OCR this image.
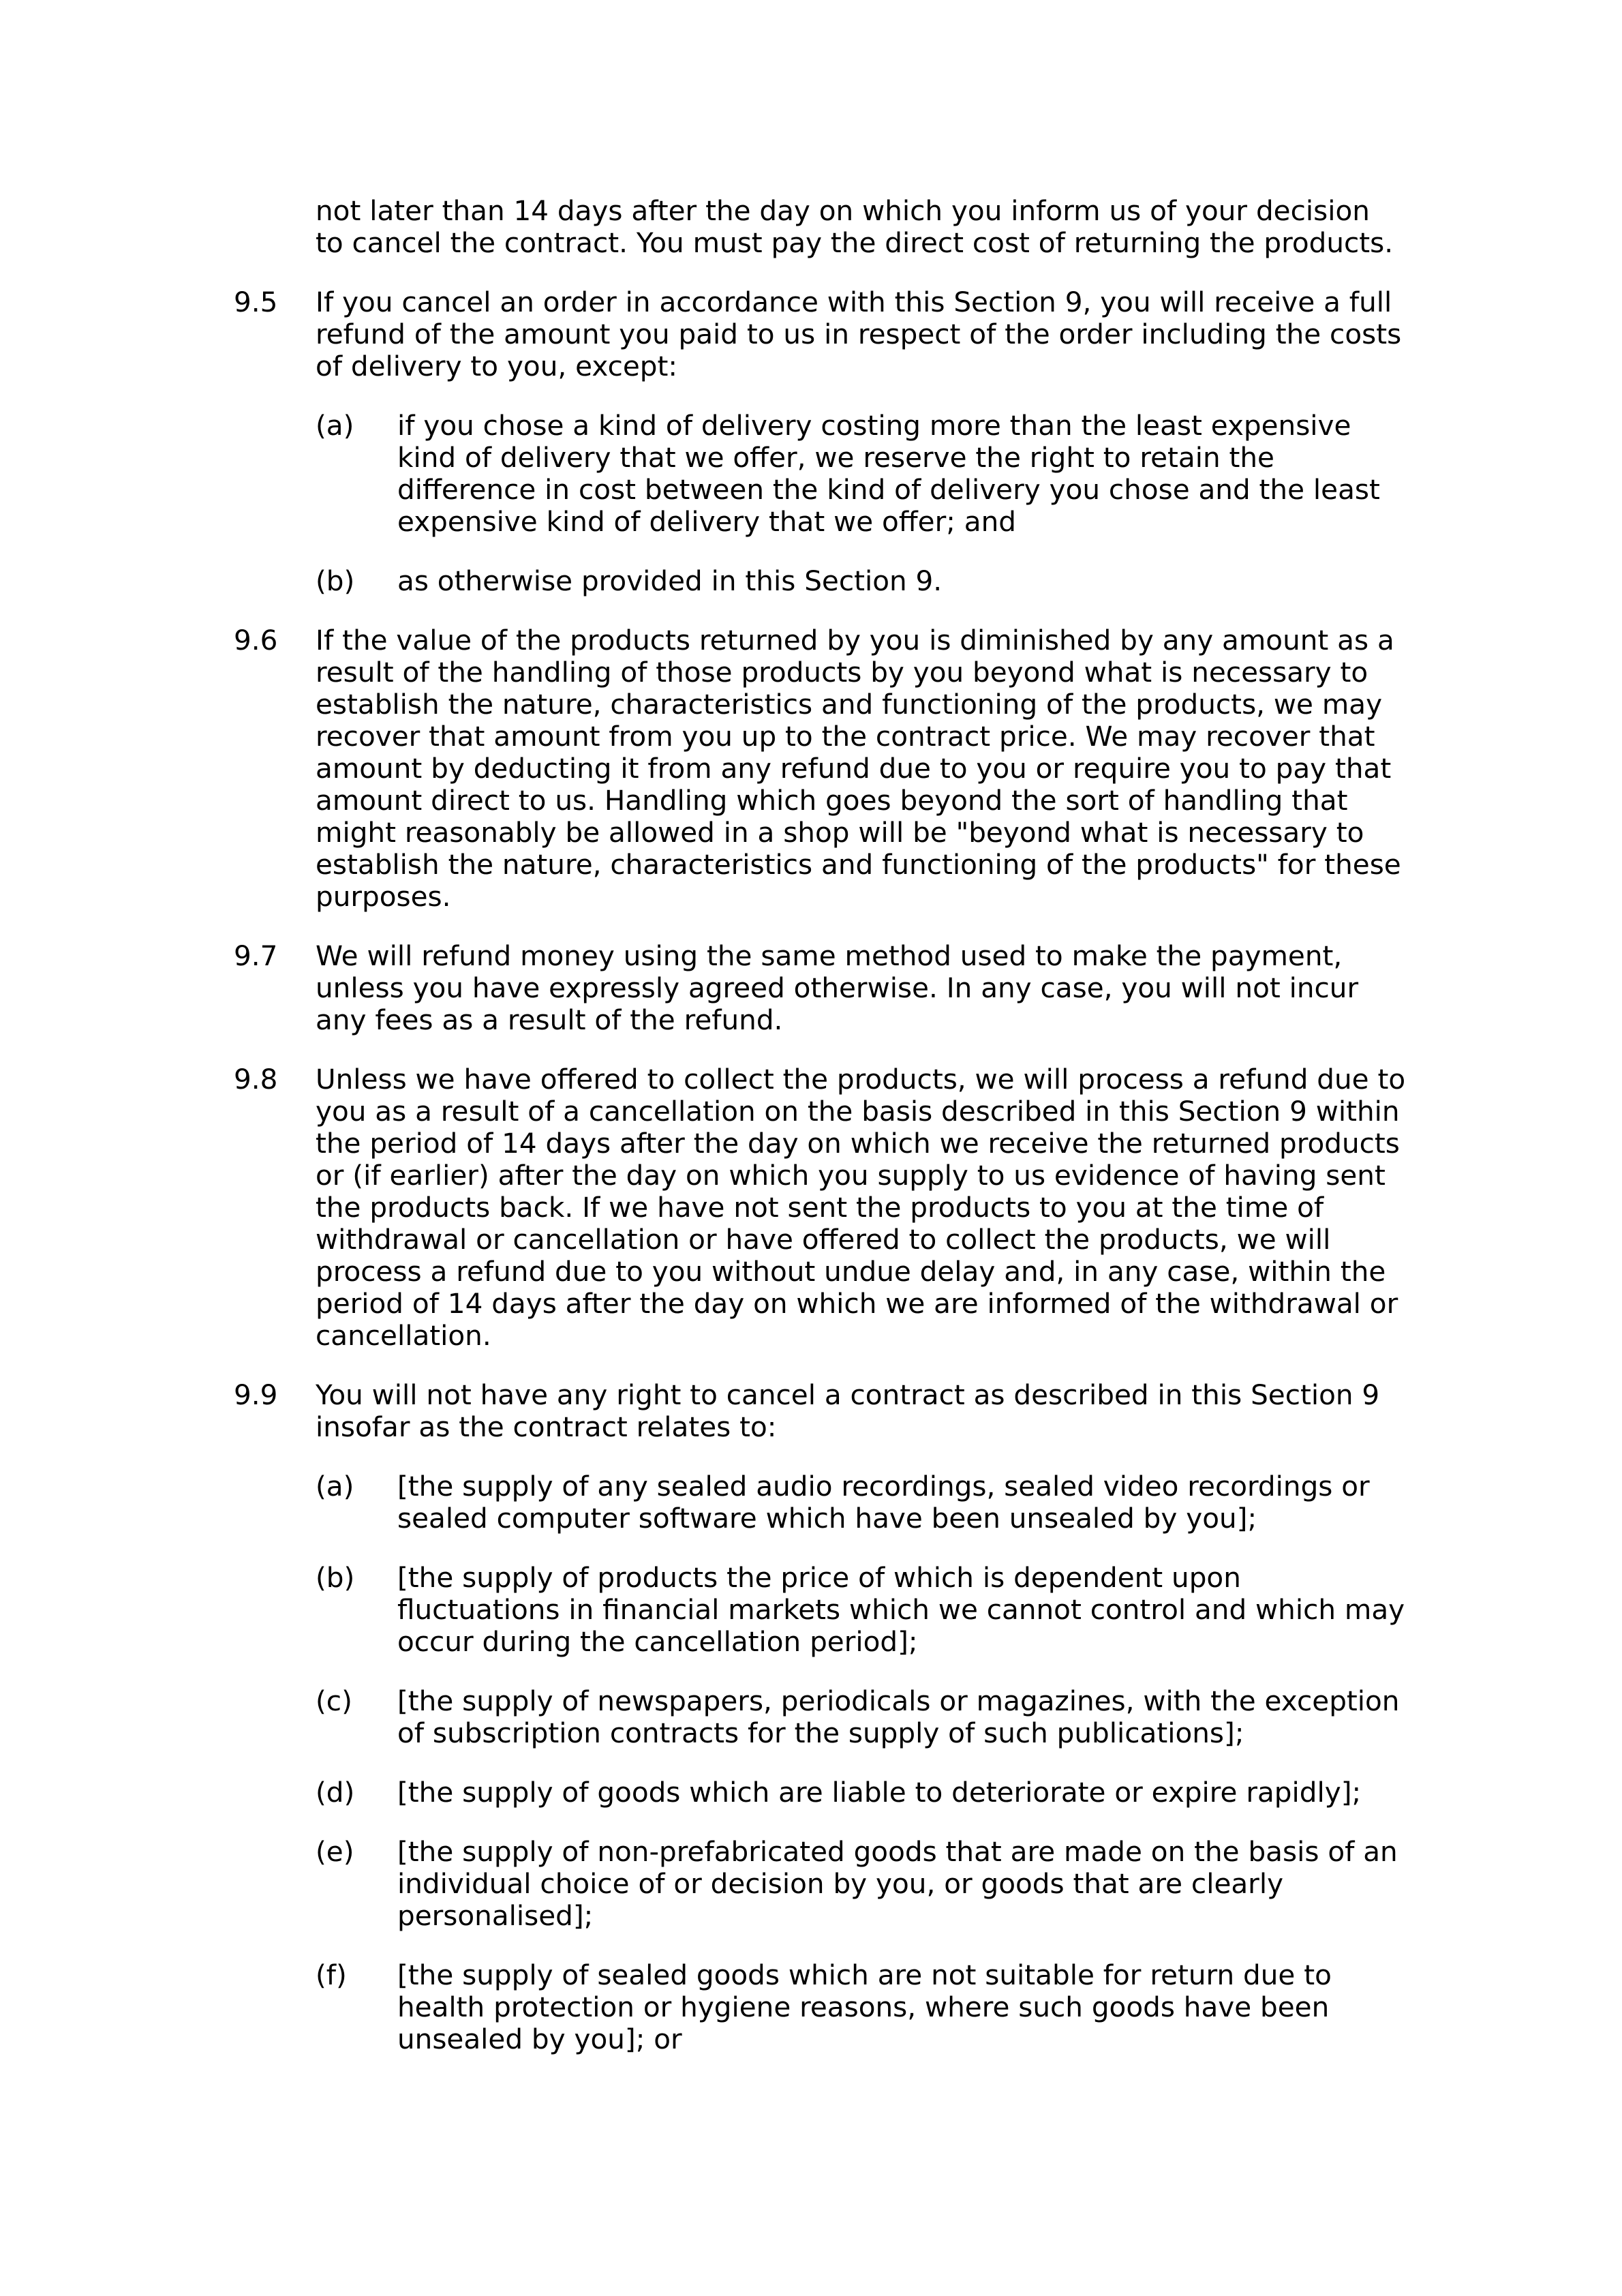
not later than 14 days after the day on which you inform us of your decision to cancel the contract. You must pay the direct cost of returning the products.
9.5 If you cancel an order in accordance with this Section 9, you will receive a full refund of the amount you paid to us in respect of the order including the costs of delivery to you, except:
(a) if you chose a kind of delivery costing more than the least expensive kind of delivery that we offer, we reserve the right to retain the difference in cost between the kind of delivery you chose and the least expensive kind of delivery that we offer; and
(b) as otherwise provided in this Section 9.
9.6 If the value of the products returned by you is diminished by any amount as a result of the handling of those products by you beyond what is necessary to establish the nature, characteristics and functioning of the products, we may recover that amount from you up to the contract price. We may recover that amount by deducting it from any refund due to you or require you to pay that amount direct to us. Handling which goes beyond the sort of handling that might reasonably be allowed in a shop will be "beyond what is necessary to establish the nature, characteristics and functioning of the products" for these purposes.
9.7 We will refund money using the same method used to make the payment, unless you have expressly agreed otherwise. In any case, you will not incur any fees as a result of the refund.
9.8 Unless we have offered to collect the products, we will process a refund due to you as a result of a cancellation on the basis described in this Section 9 within the period of 14 days after the day on which we receive the returned products or (if earlier) after the day on which you supply to us evidence of having sent the products back. If we have not sent the products to you at the time of withdrawal or cancellation or have offered to collect the products, we will process a refund due to you without undue delay and, in any case, within the period of 14 days after the day on which we are informed of the withdrawal or cancellation.
9.9 You will not have any right to cancel a contract as described in this Section 9 insofar as the contract relates to:
(a) [the supply of any sealed audio recordings, sealed video recordings or sealed computer software which have been unsealed by you];
(b) [the supply of products the price of which is dependent upon fluctuations in financial markets which we cannot control and which may occur during the cancellation period];
(c) [the supply of newspapers, periodicals or magazines, with the exception of subscription contracts for the supply of such publications];
(d) [the supply of goods which are liable to deteriorate or expire rapidly];
(e) [the supply of non-prefabricated goods that are made on the basis of an individual choice of or decision by you, or goods that are clearly personalised];
(f) [the supply of sealed goods which are not suitable for return due to health protection or hygiene reasons, where such goods have been unsealed by you]; or
